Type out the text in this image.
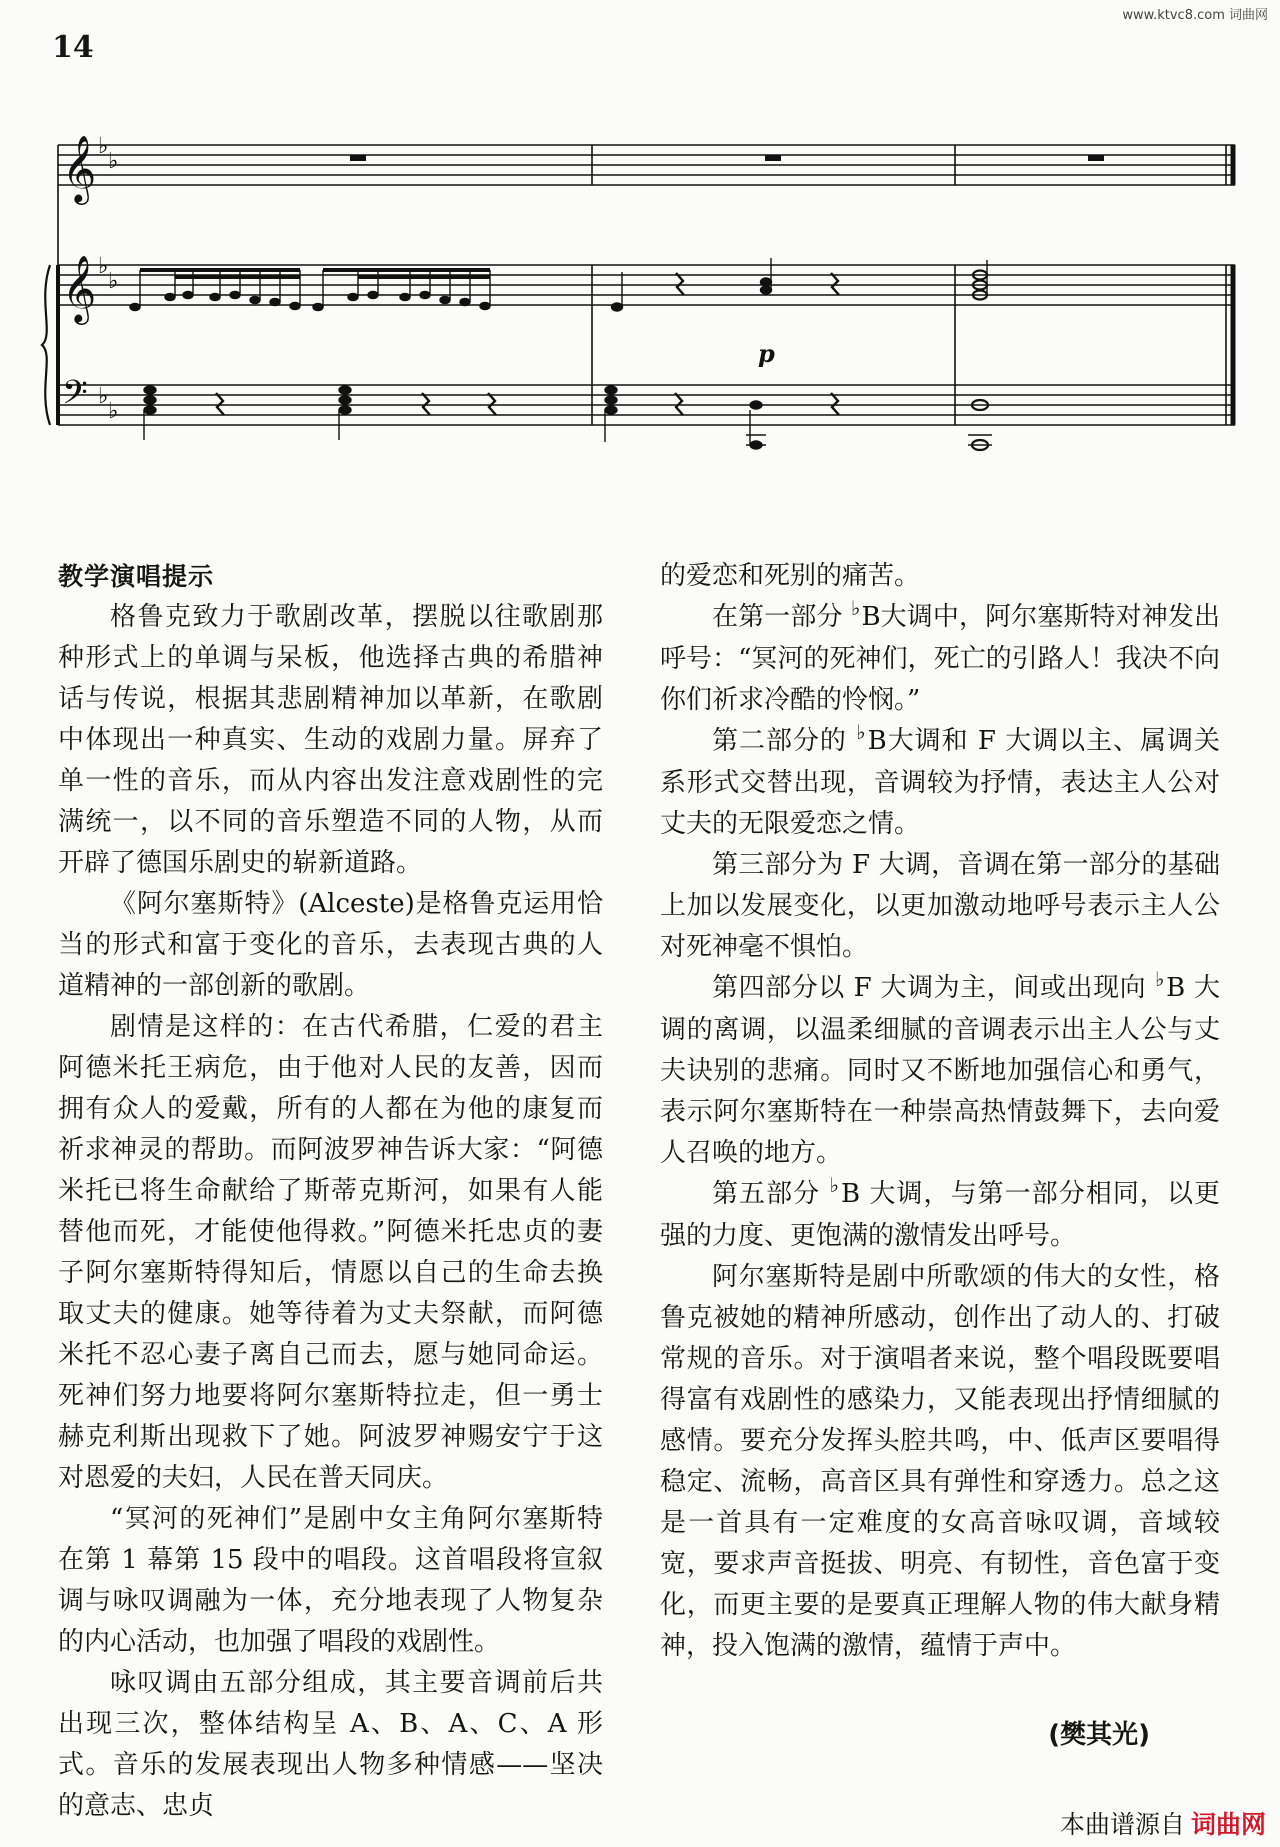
14
www.ktvc8.com 词曲网
𝄞
𝄞
𝄢
♭
♭
♭
♭
♭
♭
p

教学演唱提示

格鲁克致力于歌剧改革，摆脱以往歌剧那种形式上的单调与呆板，他选择古典的希腊神话与传说，根据其悲剧精神加以革新，在歌剧中体现出一种真实、生动的戏剧力量。屏弃了单一性的音乐，而从内容出发注意戏剧性的完满统一，以不同的音乐塑造不同的人物，从而开辟了德国乐剧史的崭新道路。

《阿尔塞斯特》(Alceste)是格鲁克运用恰当的形式和富于变化的音乐，去表现古典的人道精神的一部创新的歌剧。

剧情是这样的：在古代希腊，仁爱的君主阿德米托王病危，由于他对人民的友善，因而拥有众人的爱戴，所有的人都在为他的康复而祈求神灵的帮助。而阿波罗神告诉大家：“阿德米托已将生命献给了斯蒂克斯河，如果有人能替他而死，才能使他得救。”阿德米托忠贞的妻子阿尔塞斯特得知后，情愿以自己的生命去换取丈夫的健康。她等待着为丈夫祭献，而阿德米托不忍心妻子离自己而去，愿与她同命运。死神们努力地要将阿尔塞斯特拉走，但一勇士赫克利斯出现救下了她。阿波罗神赐安宁于这对恩爱的夫妇，人民在普天同庆。

“冥河的死神们”是剧中女主角阿尔塞斯特在第 1 幕第 15 段中的唱段。这首唱段将宣叙调与咏叹调融为一体，充分地表现了人物复杂的内心活动，也加强了唱段的戏剧性。

咏叹调由五部分组成，其主要音调前后共出现三次，整体结构呈 A、B、A、C、A 形式。音乐的发展表现出人物多种情感——坚决的意志、忠贞

的爱恋和死别的痛苦。

在第一部分 ♭B大调中，阿尔塞斯特对神发出呼号：“冥河的死神们，死亡的引路人！我决不向你们祈求冷酷的怜悯。”

第二部分的 ♭B大调和 F 大调以主、属调关系形式交替出现，音调较为抒情，表达主人公对丈夫的无限爱恋之情。

第三部分为 F 大调，音调在第一部分的基础上加以发展变化，以更加激动地呼号表示主人公对死神毫不惧怕。

第四部分以 F 大调为主，间或出现向 ♭B 大调的离调，以温柔细腻的音调表示出主人公与丈夫诀别的悲痛。同时又不断地加强信心和勇气，表示阿尔塞斯特在一种崇高热情鼓舞下，去向爱人召唤的地方。

第五部分 ♭B 大调，与第一部分相同，以更强的力度、更饱满的激情发出呼号。

阿尔塞斯特是剧中所歌颂的伟大的女性，格鲁克被她的精神所感动，创作出了动人的、打破常规的音乐。对于演唱者来说，整个唱段既要唱得富有戏剧性的感染力，又能表现出抒情细腻的感情。要充分发挥头腔共鸣，中、低声区要唱得稳定、流畅，高音区具有弹性和穿透力。总之这是一首具有一定难度的女高音咏叹调，音域较宽，要求声音挺拔、明亮、有韧性，音色富于变化，而更主要的是要真正理解人物的伟大献身精神，投入饱满的激情，蕴情于声中。

(樊其光)
本曲谱源自 词曲网
